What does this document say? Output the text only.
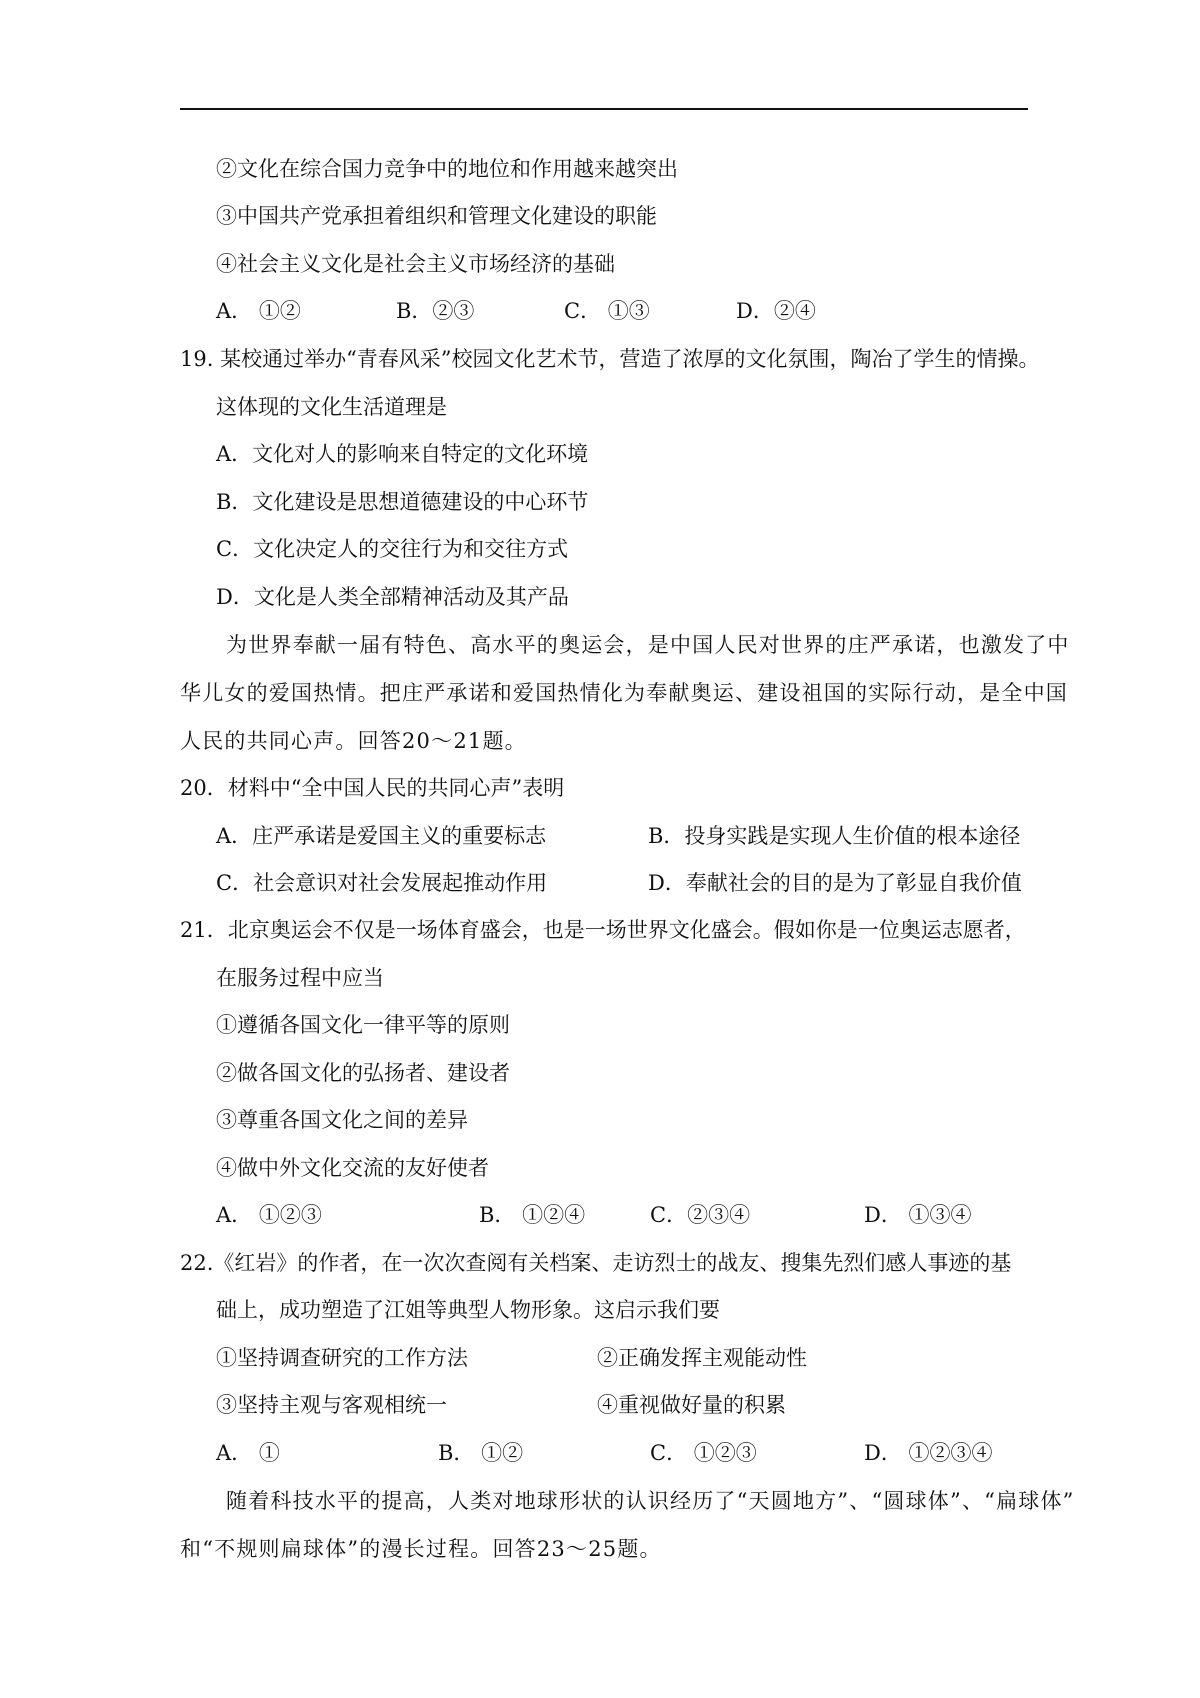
②文化在综合国力竞争中的地位和作用越来越突出
③中国共产党承担着组织和管理文化建设的职能
④社会主义文化是社会主义市场经济的基础
A． ①②	B．②③	C． ①③	D．②④
19. 某校通过举办“青春风采”校园文化艺术节，营造了浓厚的文化氛围，陶冶了学生的情操。
这体现的文化生活道理是
A．文化对人的影响来自特定的文化环境
B．文化建设是思想道德建设的中心环节
C．文化决定人的交往行为和交往方式
D．文化是人类全部精神活动及其产品
为世界奉献一届有特色、高水平的奥运会，是中国人民对世界的庄严承诺，也激发了中
华儿女的爱国热情。把庄严承诺和爱国热情化为奉献奥运、建设祖国的实际行动，是全中国
人民的共同心声。回答20～21题。
20．材料中“全中国人民的共同心声”表明
A．庄严承诺是爱国主义的重要标志	B．投身实践是实现人生价值的根本途径
C．社会意识对社会发展起推动作用	D．奉献社会的目的是为了彰显自我价值
21．北京奥运会不仅是一场体育盛会，也是一场世界文化盛会。假如你是一位奥运志愿者，
在服务过程中应当
①遵循各国文化一律平等的原则
②做各国文化的弘扬者、建设者
③尊重各国文化之间的差异
④做中外文化交流的友好使者
A． ①②③	B． ①②④	C．②③④	D． ①③④
22.《红岩》的作者，在一次次查阅有关档案、走访烈士的战友、搜集先烈们感人事迹的基
础上，成功塑造了江姐等典型人物形象。这启示我们要
①坚持调查研究的工作方法	②正确发挥主观能动性
③坚持主观与客观相统一	④重视做好量的积累
A． ①	B． ①②	C． ①②③	D． ①②③④
随着科技水平的提高，人类对地球形状的认识经历了“天圆地方”、“圆球体”、“扁球体”
和“不规则扁球体”的漫长过程。回答23～25题。
